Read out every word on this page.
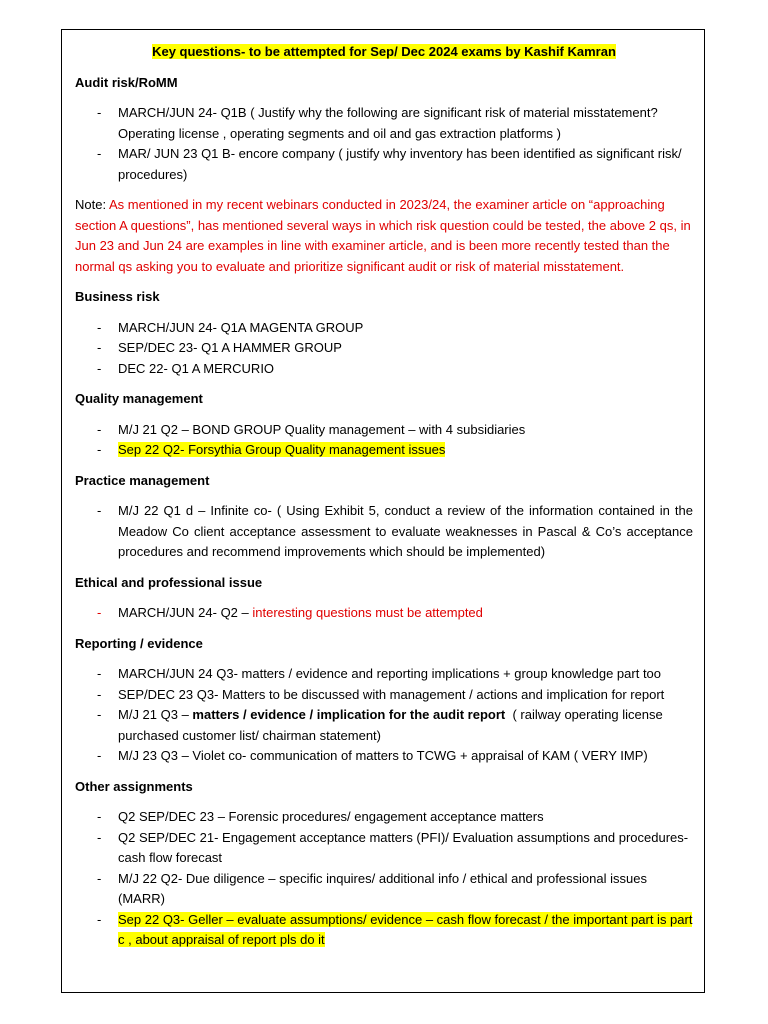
Key questions- to be attempted for Sep/ Dec 2024 exams by Kashif Kamran
Audit risk/RoMM
- MARCH/JUN 24- Q1B ( Justify why the following are significant risk of material misstatement? Operating license , operating segments and oil and gas extraction platforms )
- MAR/ JUN 23 Q1 B- encore company ( justify why inventory has been identified as significant risk/ procedures)
Note: As mentioned in my recent webinars conducted in 2023/24, the examiner article on “approaching section A questions”, has mentioned several ways in which risk question could be tested, the above 2 qs, in Jun 23 and Jun 24 are examples in line with examiner article, and is been more recently tested than the normal qs asking you to evaluate and prioritize significant audit or risk of material misstatement.
Business risk
- MARCH/JUN 24- Q1A MAGENTA GROUP
- SEP/DEC 23- Q1 A HAMMER GROUP
- DEC 22- Q1 A MERCURIO
Quality management
- M/J 21 Q2 – BOND GROUP Quality management – with 4 subsidiaries
- Sep 22 Q2- Forsythia Group Quality management issues
Practice management
- M/J 22 Q1 d – Infinite co- ( Using Exhibit 5, conduct a review of the information contained in the Meadow Co client acceptance assessment to evaluate weaknesses in Pascal & Co’s acceptance procedures and recommend improvements which should be implemented)
Ethical and professional issue
- MARCH/JUN 24- Q2 – interesting questions must be attempted
Reporting / evidence
- MARCH/JUN 24 Q3- matters / evidence and reporting implications + group knowledge part too
- SEP/DEC 23 Q3- Matters to be discussed with management / actions and implication for report
- M/J 21 Q3 – matters / evidence / implication for the audit report  ( railway operating license purchased customer list/ chairman statement)
- M/J 23 Q3 – Violet co- communication of matters to TCWG + appraisal of KAM ( VERY IMP)
Other assignments
- Q2 SEP/DEC 23 – Forensic procedures/ engagement acceptance matters
- Q2 SEP/DEC 21- Engagement acceptance matters (PFI)/ Evaluation assumptions and procedures- cash flow forecast
- M/J 22 Q2- Due diligence – specific inquires/ additional info / ethical and professional issues (MARR)
- Sep 22 Q3- Geller – evaluate assumptions/ evidence – cash flow forecast / the important part is part c , about appraisal of report pls do it
